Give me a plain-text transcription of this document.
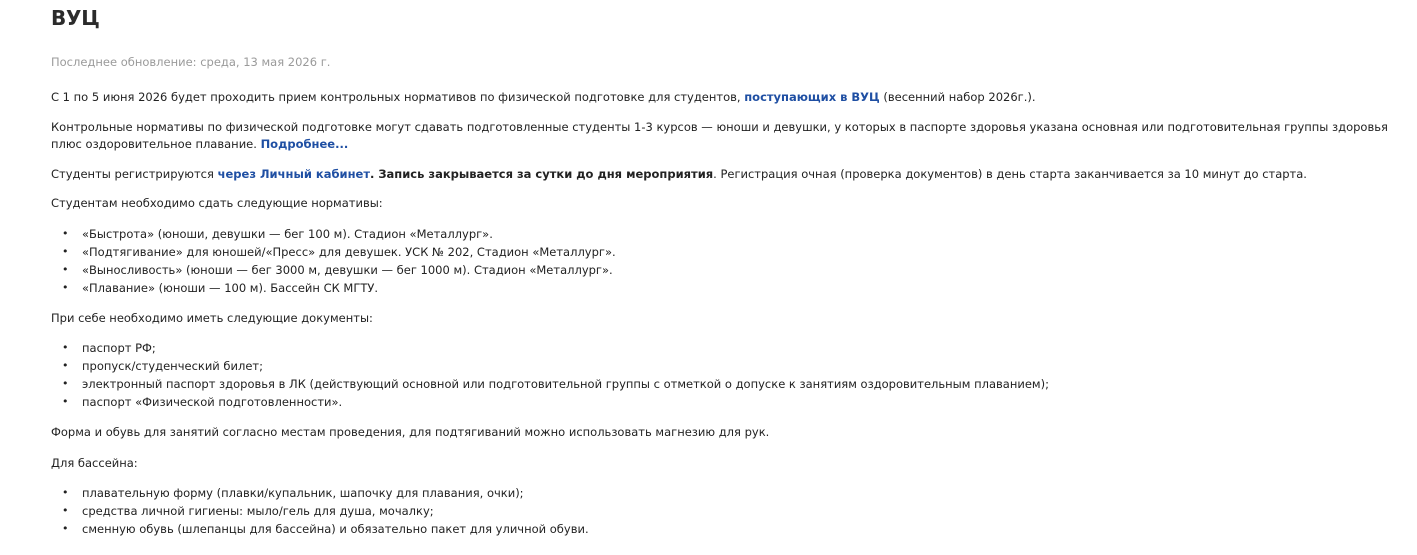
ВУЦ
Последнее обновление: среда, 13 мая 2026 г.

С 1 по 5 июня 2026 будет проходить прием контрольных нормативов по физической подготовке для студентов, поступающих в ВУЦ (весенний набор 2026г.).

Контрольные нормативы по физической подготовке могут сдавать подготовленные студенты 1-3 курсов — юноши и девушки, у которых в паспорте здоровья указана основная или подготовительная группы здоровья плюс оздоровительное плавание. Подробнее...

Студенты регистрируются через Личный кабинет. Запись закрывается за сутки до дня мероприятия. Регистрация очная (проверка документов) в день старта заканчивается за 10 минут до старта.

Студентам необходимо сдать следующие нормативы:

• «Быстрота» (юноши, девушки — бег 100 м). Стадион «Металлург».
• «Подтягивание» для юношей/«Пресс» для девушек. УСК № 202, Стадион «Металлург».
• «Выносливость» (юноши — бег 3000 м, девушки — бег 1000 м). Стадион «Металлург».
• «Плавание» (юноши — 100 м). Бассейн СК МГТУ.

При себе необходимо иметь следующие документы:

• паспорт РФ;
• пропуск/студенческий билет;
• электронный паспорт здоровья в ЛК (действующий основной или подготовительной группы с отметкой о допуске к занятиям оздоровительным плаванием);
• паспорт «Физической подготовленности».

Форма и обувь для занятий согласно местам проведения, для подтягиваний можно использовать магнезию для рук.

Для бассейна:

• плавательную форму (плавки/купальник, шапочку для плавания, очки);
• средства личной гигиены: мыло/гель для душа, мочалку;
• сменную обувь (шлепанцы для бассейна) и обязательно пакет для уличной обуви.
